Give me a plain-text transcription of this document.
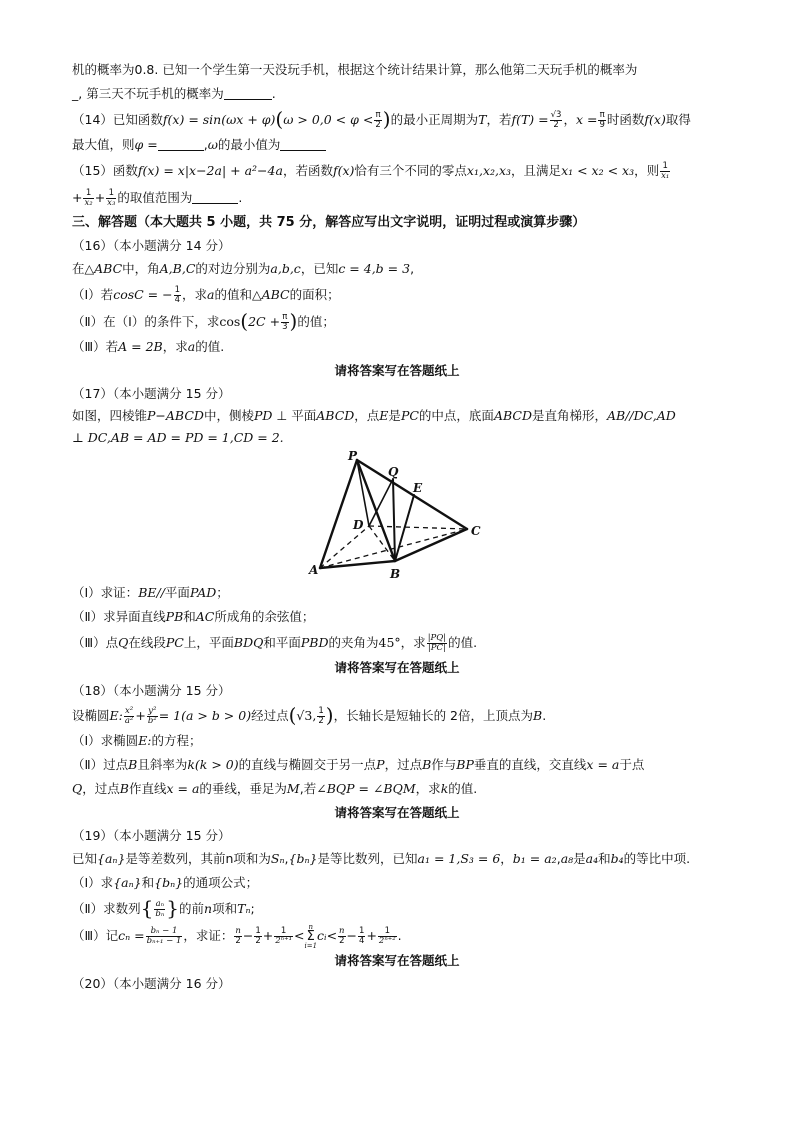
机的概率为0.8. 已知一个学生第一天没玩手机，根据这个统计结果计算，那么他第二天玩手机的概率为
_, 第三天不玩手机的概率为	.
（14）已知函数$f(x) = \sin(\omega x + \varphi)(\omega > 0,0 < \varphi < \frac{\pi}{2}$ )的最小正周期为T，若$f(T) = \frac{√3}{2}$ ，$x = \frac{\pi}{9}$ 时函数f(x)取得
最大值，则φ =	,ω的最小值为
（15）函数f(x) = x|x−2a| + a²−4a，若函数f(x)恰有三个不同的零点x₁,x₂,x₃，且满足x₁ < x₂ < x₃，则 $\frac{1}{\text{x₁}}$
+ $\frac{1}{\text{x₂}} + \frac{1}{\text{x₃}}$ 的取值范围为	.
三、解答题（本大题共 5 小题，共 75 分，解答应写出文字说明，证明过程或演算步骤）
（16）（本小题满分 14 分）
在△ABC中，角A,B,C的对边分别为a,b,c，已知c = 4,b = 3,
（Ⅰ）若cosC = − $\frac{1}{4}$ ，求a的值和△ABC的面积；
（Ⅱ）在（Ⅰ）的条件下，求$\cos(2C + \frac{\pi}{3}$ )的值；
（Ⅲ）若A = 2B，求a的值.
请将答案写在答题纸上
（17）（本小题满分 15 分）
如图，四棱锥P−ABCD中，侧棱PD ⊥ 平面ABCD，点E是PC的中点，底面ABCD是直角梯形，AB//DC,AD
⊥ DC,AB = AD = PD = 1,CD = 2.
P
Q
E
D	C
A	B
（Ⅰ）求证：BE//平面PAD；
（Ⅱ）求异面直线PB和AC所成角的余弦值；
（Ⅲ）点Q在线段PC上，平面BDQ和平面PBD的夹角为45°，求 $\frac{|PQ|}{|PC|}$ 的值.
请将答案写在答题纸上
（18）（本小题满分 15 分）
设椭圆E: $\frac{\text{x²}}{\text{a²}} + \frac{\text{y²}}{\text{b²}} = 1(a > b > 0)$经过点(√3, $\frac{1}{2}$ )，长轴长是短轴长的 2倍，上顶点为B.
（Ⅰ）求椭圆E:的方程；
（Ⅱ）过点B且斜率为k(k > 0)的直线与椭圆交于另一点P，过点B作与BP垂直的直线，交直线x = a于点
Q，过点B作直线x = a的垂线，垂足为M,若∠BQP = ∠BQM，求k的值.
请将答案写在答题纸上
（19）（本小题满分 15 分）
已知{aₙ}是等差数列，其前n项和为Sₙ,{bₙ}是等比数列，已知a₁ = 1,S₃ = 6，b₁ = a₂,a₈是a₄和b₄的等比中项.
（Ⅰ）求{aₙ}和{bₙ}的通项公式；
（Ⅱ）求数列{ $\frac{\text{aₙ}}{\text{bₙ}}$ }的前n项和Tₙ;
（Ⅲ）记$c_n = \frac{\text{bₙ − 1}}{\text{bₙ₊₁ − 1}}$ ，求证： $\frac{n}{2} - \frac{1}{2} + \frac{1}{\text{2ⁿ⁺¹}}$ <
n
Σ
i=1
cᵢ< $\frac{n}{2} - \frac{1}{4} + \frac{1}{\text{2ⁿ⁺²}}$ .
请将答案写在答题纸上
（20）（本小题满分 16 分）
